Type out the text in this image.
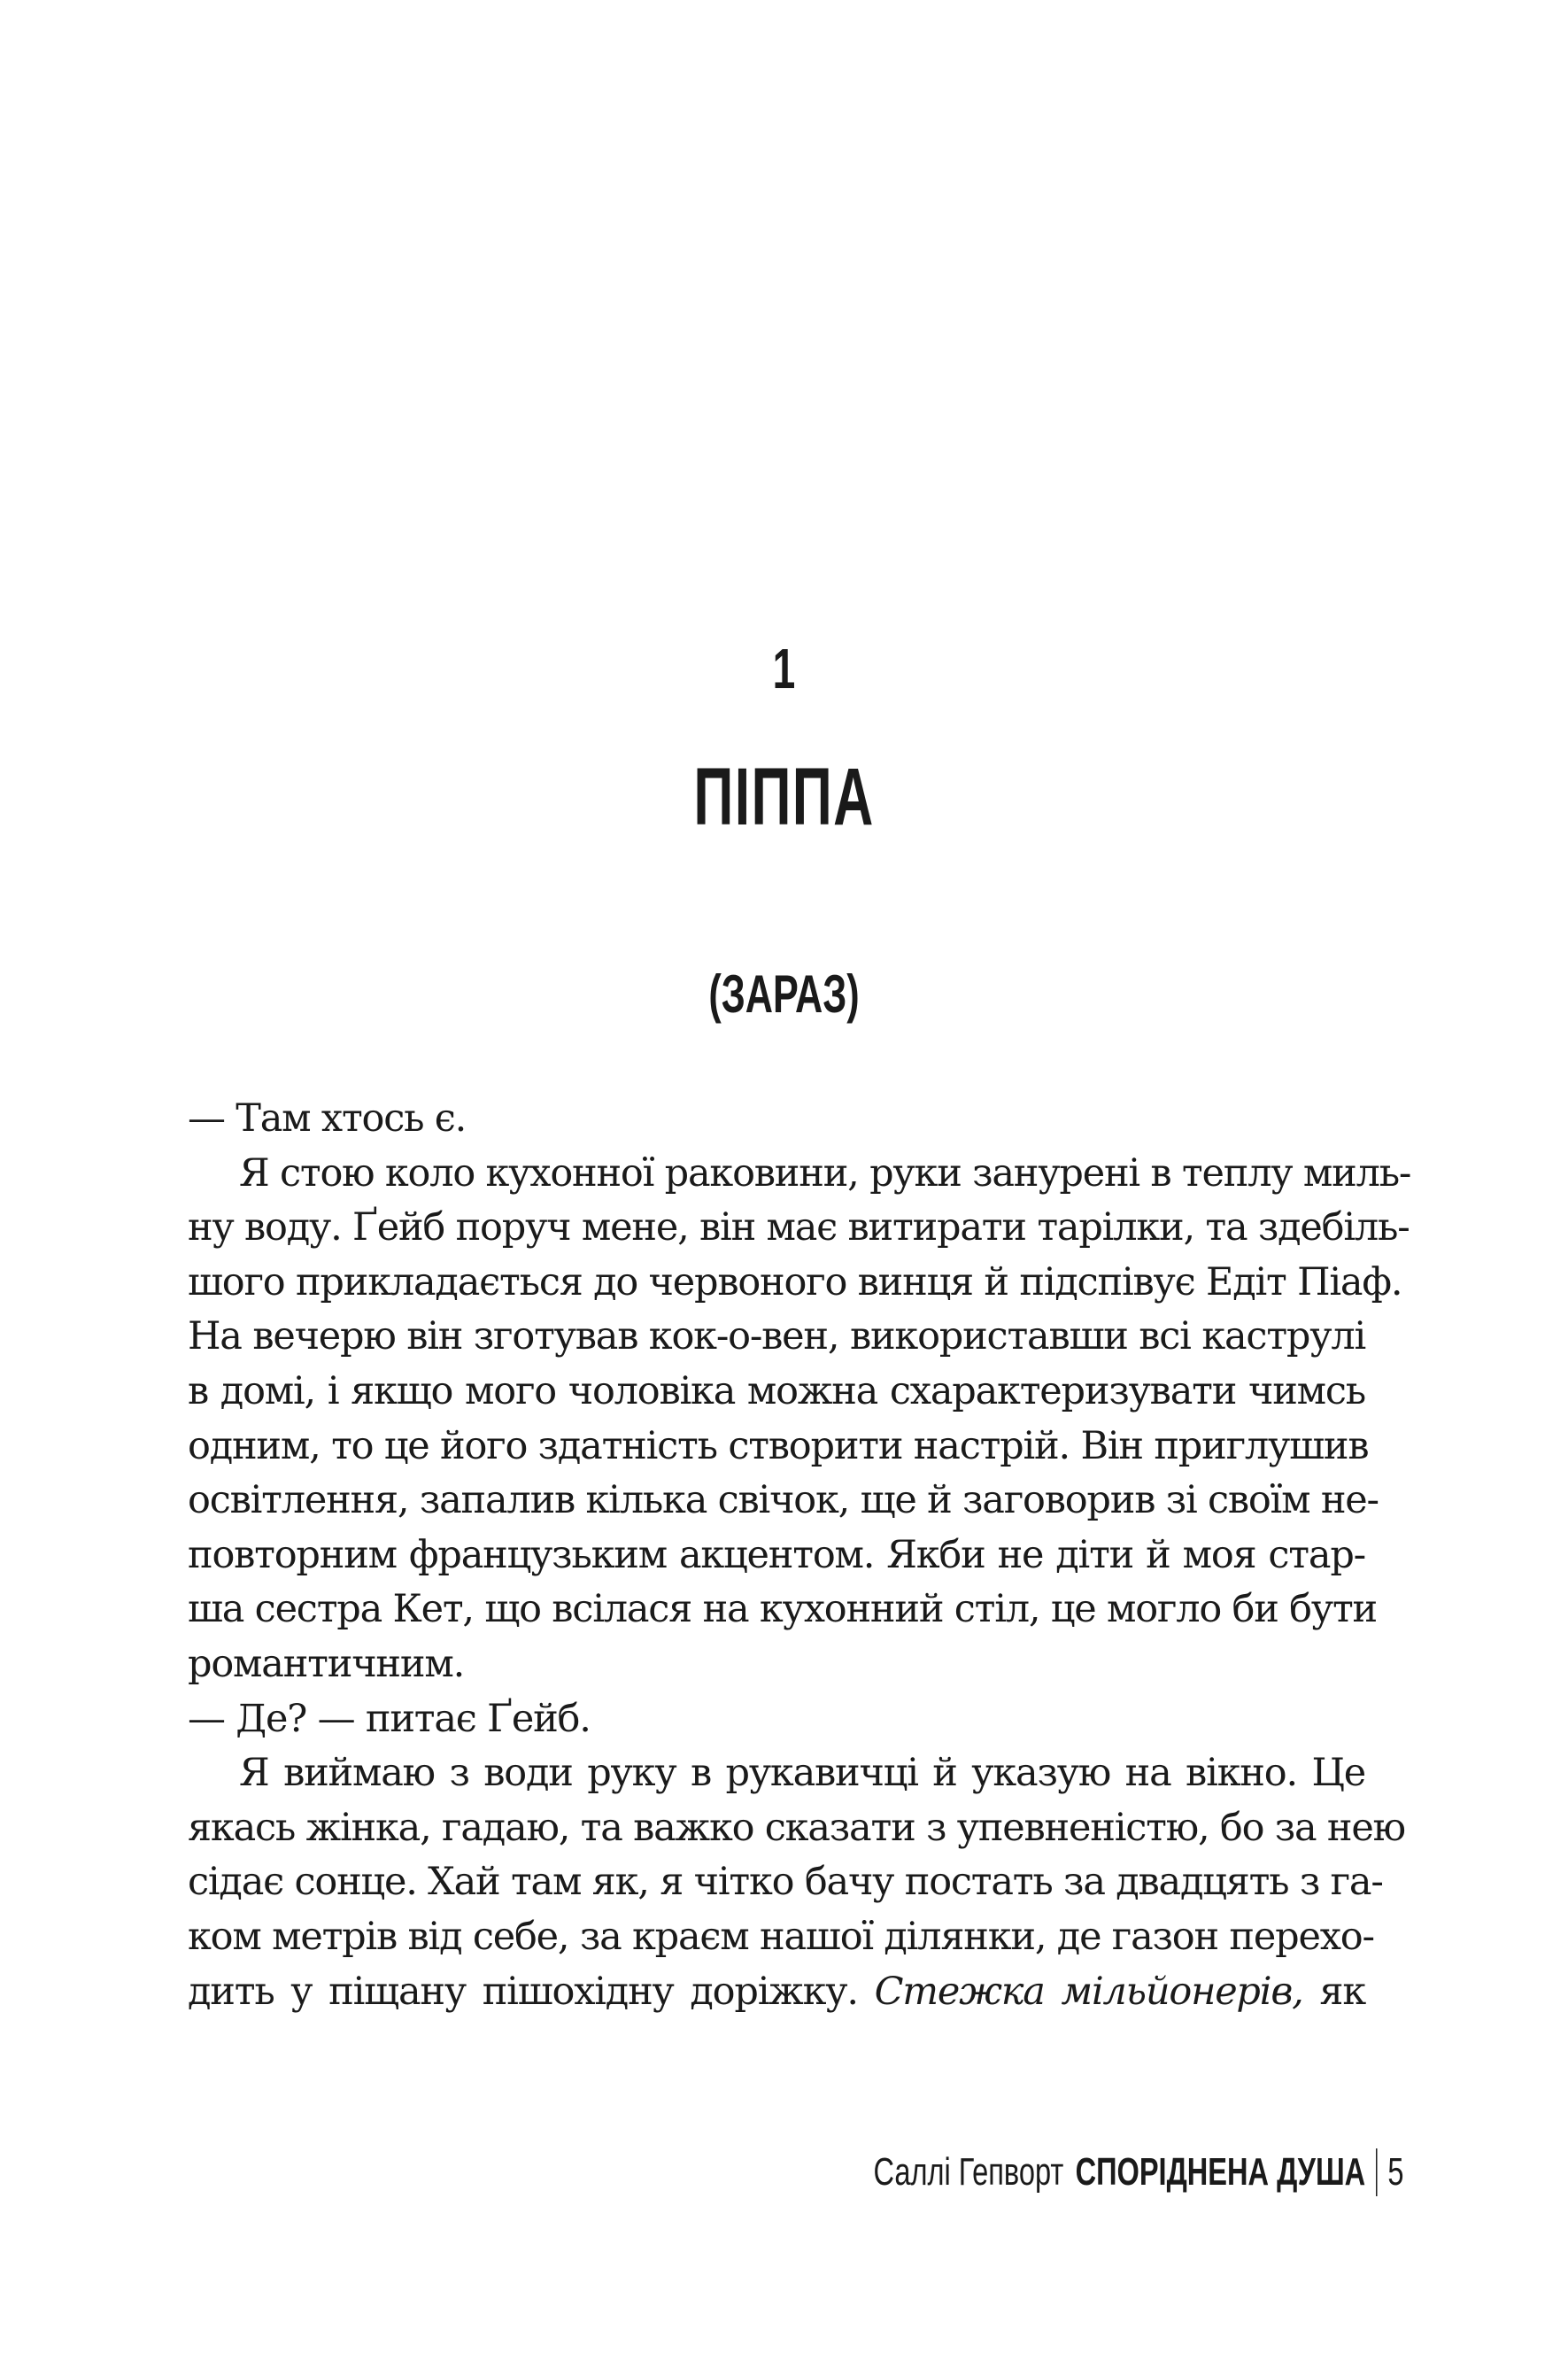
1
ПІППА
(ЗАРАЗ)
— Там хтось є.
Я стою коло кухонної раковини, руки занурені в теплу миль-
ну воду. Ґейб поруч мене, він має витирати тарілки, та здебіль-
шого прикладається до червоного винця й підспівує Едіт Піаф.
На вечерю він зготував кок-о-вен, використавши всі каструлі
в домі, і якщо мого чоловіка можна схарактеризувати чимсь
одним, то це його здатність створити настрій. Він приглушив
освітлення, запалив кілька свічок, ще й заговорив зі своїм не-
повторним французьким акцентом. Якби не діти й моя стар-
ша сестра Кет, що всілася на кухонний стіл, це могло би бути
романтичним.
— Де? — питає Ґейб.
Я виймаю з води руку в рукавичці й указую на вікно. Це
якась жінка, гадаю, та важко сказати з упевненістю, бо за нею
сідає сонце. Хай там як, я чітко бачу постать за двадцять з га-
ком метрів від себе, за краєм нашої ділянки, де газон перехо-
дить у піщану пішохідну доріжку. Стежка мільйонерів, як
Саллі Гепворт СПОРІДНЕНА ДУША 5
